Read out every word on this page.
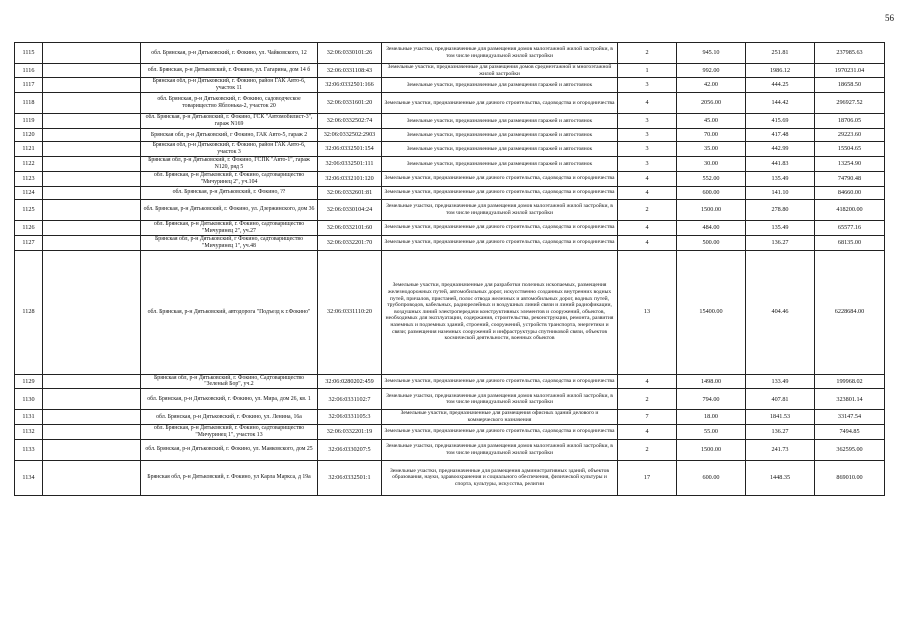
56
1115		обл. Брянская, р-н Дятьковский, г. Фокино, ул. Чайковского, 12	32:06:0330101:26	Земельные участки, предназначенные для размещения домов малоэтажной жилой застройки, в том числе индивидуальной жилой застройки	2	945.10	251.81	237985.63
1116		обл. Брянская, р-н Дятьковский, г. Фокино, ул. Гагарина, дом 14 б	32:06:0331108:43	Земельные участки, предназначенные для размещения домов среднеэтажной и многоэтажной жилой застройки	1	992.00	1986.12	1970231.04
1117		Брянская обл, р-н Дятьковский, г. Фокино, район ГАК Авто-6, участок 11	32:06:0332501:166	Земельные участки, предназначенные для размещения гаражей и автостоянок	3	42.00	444.25	18658.50
1118		обл. Брянская, р-н Дятьковский, г. Фокино, садоводческое товарищество Яблонька-2, участок 20	32:06:0331601:20	Земельные участки, предназначенные для дачного строительства, садоводства и огородничества	4	2056.00	144.42	296927.52
1119		обл. Брянская, р-н Дятьковский, г. Фокино, ГСК "Автомобилист-3", гараж N169	32:06:0332502:74	Земельные участки, предназначенные для размещения гаражей и автостоянок	3	45.00	415.69	18706.05
1120		Брянская обл, р-н Дятьковский, г Фокино, ГАК Авто-5, гараж 2	32:06:0332502:2903	Земельные участки, предназначенные для размещения гаражей и автостоянок	3	70.00	417.48	29223.60
1121		Брянская обл, р-н Дятьковский, г. Фокино, район ГАК Авто-6, участок 3	32:06:0332501:154	Земельные участки, предназначенные для размещения гаражей и автостоянок	3	35.00	442.99	15504.65
1122		Брянская обл, р-н Дятьковский, г. Фокино, ГСПК "Авто-1", гараж N120, ряд 5	32:06:0332501:111	Земельные участки, предназначенные для размещения гаражей и автостоянок	3	30.00	441.83	13254.90
1123		обл. Брянская, р-н Дятьковский, г. Фокино, садтоварищество "Мичуринец 2", уч.104	32:06:0332101:120	Земельные участки, предназначенные для дачного строительства, садоводства и огородничества	4	552.00	135.49	74790.48
1124		обл. Брянская, р-н Дятьковский, г. Фокино, ??	32:06:0332601:81	Земельные участки, предназначенные для дачного строительства, садоводства и огородничества	4	600.00	141.10	84660.00
1125		обл. Брянская, р-н Дятьковский, г. Фокино, ул. Дзержинского, дом 36	32:06:0330104:24	Земельные участки, предназначенные для размещения домов малоэтажной жилой застройки, в том числе индивидуальной жилой застройки	2	1500.00	278.80	418200.00
1126		обл. Брянская, р-н Дятьковский, г. Фокино, садтоварищество "Мичуринец 2", уч.27	32:06:0332101:60	Земельные участки, предназначенные для дачного строительства, садоводства и огородничества	4	484.00	135.49	65577.16
1127		Брянская обл, р-н Дятьковский, г Фокино, садтоварищество "Мичуринец 1", уч.48	32:06:0332201:70	Земельные участки, предназначенные для дачного строительства, садоводства и огородничества	4	500.00	136.27	68135.00
1128		обл. Брянская, р-н Дятьковский, автодорога "Подъезд к г.Фокино"	32:06:0331110:20	Земельные участки, предназначенные для разработки полезных ископаемых, размещения железнодорожных путей, автомобильных дорог, искусственно созданных внутренних водных путей, причалов, пристаней, полос отвода железных и автомобильных дорог, водных путей, трубопроводов, кабельных, радиорелейных и воздушных линий связи и линий радиофикации, воздушных линий электропередачи конструктивных элементов и сооружений, объектов, необходимых для эксплуатации, содержания, строительства, реконструкции, ремонта, развития наземных и подземных зданий, строений, сооружений, устройств транспорта, энергетики и связи; размещения наземных сооружений и инфраструктуры спутниковой связи, объектов космической деятельности, военных объектов	13	15400.00	404.46	6228684.00
1129		Брянская обл, р-н Дятьковский, г. Фокино, Садтоварищество "Зеленый Бор", уч.2	32:06:0280202:459	Земельные участки, предназначенные для дачного строительства, садоводства и огородничества	4	1498.00	133.49	199968.02
1130		обл. Брянская, р-н Дятьковский, г. Фокино, ул. Мира, дом 26, кв. 1	32:06:0331102:7	Земельные участки, предназначенные для размещения домов малоэтажной жилой застройки, в том числе индивидуальной жилой застройки	2	794.00	407.81	323801.14
1131		обл. Брянская, р-н Дятьковский, г. Фокино, ул. Ленина, 16а	32:06:0331105:3	Земельные участки, предназначенные для размещения офисных зданий делового и коммерческого назначения	7	18.00	1841.53	33147.54
1132		обл. Брянская, р-н Дятьковский, г. Фокино, садтоварищество "Мичуринец 1", участок 13	32:06:0332201:19	Земельные участки, предназначенные для дачного строительства, садоводства и огородничества	4	55.00	136.27	7494.85
1133		обл. Брянская, р-н Дятьковский, г. Фокино, ул. Маяковского, дом 25	32:06:0330207:5	Земельные участки, предназначенные для размещения домов малоэтажной жилой застройки, в том числе индивидуальной жилой застройки	2	1500.00	241.73	362595.00
1134		Брянская обл, р-н Дятьковский, г. Фокино, ул Карла Маркса, д 19а	32:06:0332501:1	Земельные участки, предназначенные для размещения административных зданий, объектов образования, науки, здравоохранения и социального обеспечения, физической культуры и спорта, культуры, искусства, религии	17	600.00	1448.35	869010.00
